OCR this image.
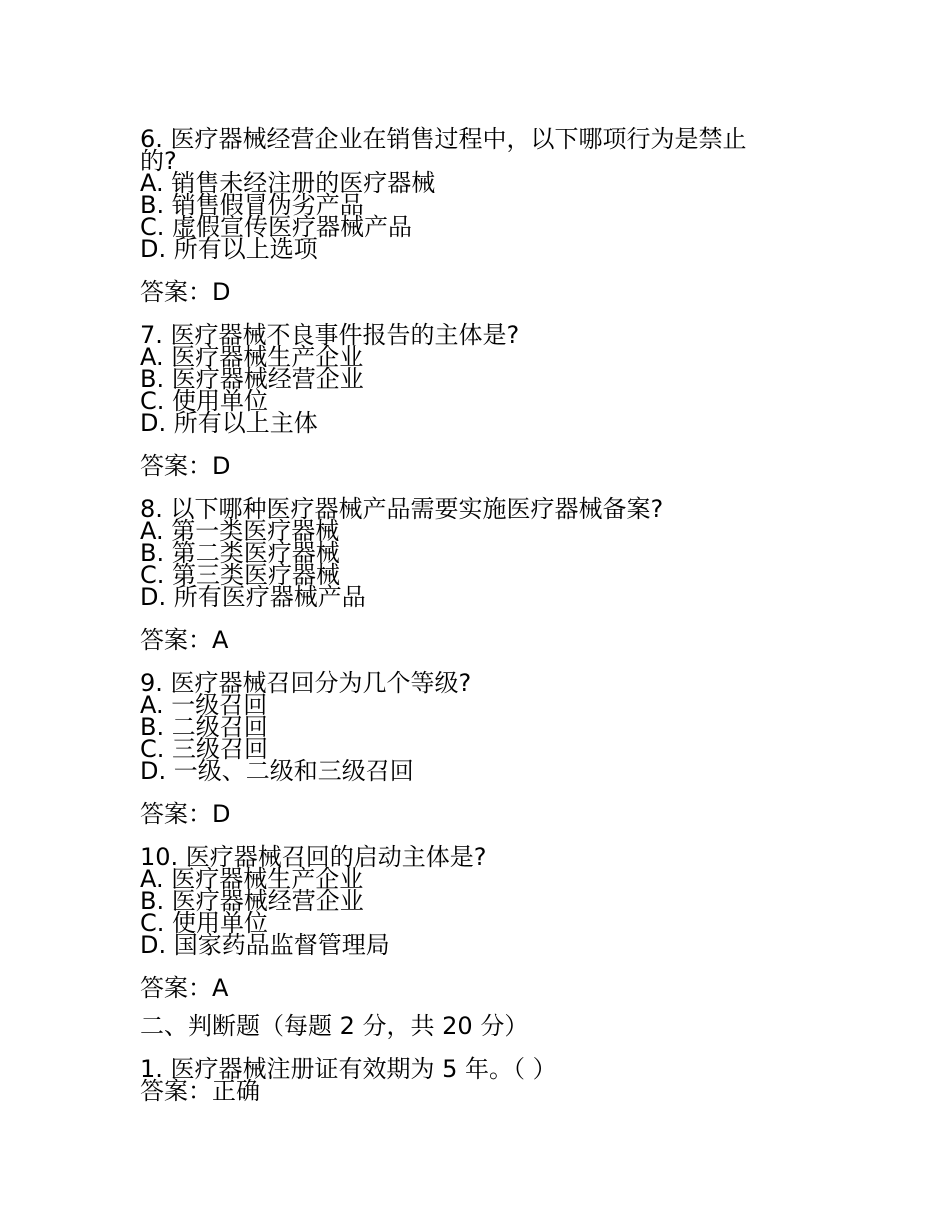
6. 医疗器械经营企业在销售过程中，以下哪项行为是禁止的?
A. 销售未经注册的医疗器械
B. 销售假冒伪劣产品
C. 虚假宣传医疗器械产品
D. 所有以上选项
答案：D
7. 医疗器械不良事件报告的主体是?
A. 医疗器械生产企业
B. 医疗器械经营企业
C. 使用单位
D. 所有以上主体
答案：D
8. 以下哪种医疗器械产品需要实施医疗器械备案?
A. 第一类医疗器械
B. 第二类医疗器械
C. 第三类医疗器械
D. 所有医疗器械产品
答案：A
9. 医疗器械召回分为几个等级?
A. 一级召回
B. 二级召回
C. 三级召回
D. 一级、二级和三级召回
答案：D
10. 医疗器械召回的启动主体是?
A. 医疗器械生产企业
B. 医疗器械经营企业
C. 使用单位
D. 国家药品监督管理局
答案：A
二、判断题（每题 2 分，共 20 分）
1. 医疗器械注册证有效期为 5 年。（ ）
答案：正确
